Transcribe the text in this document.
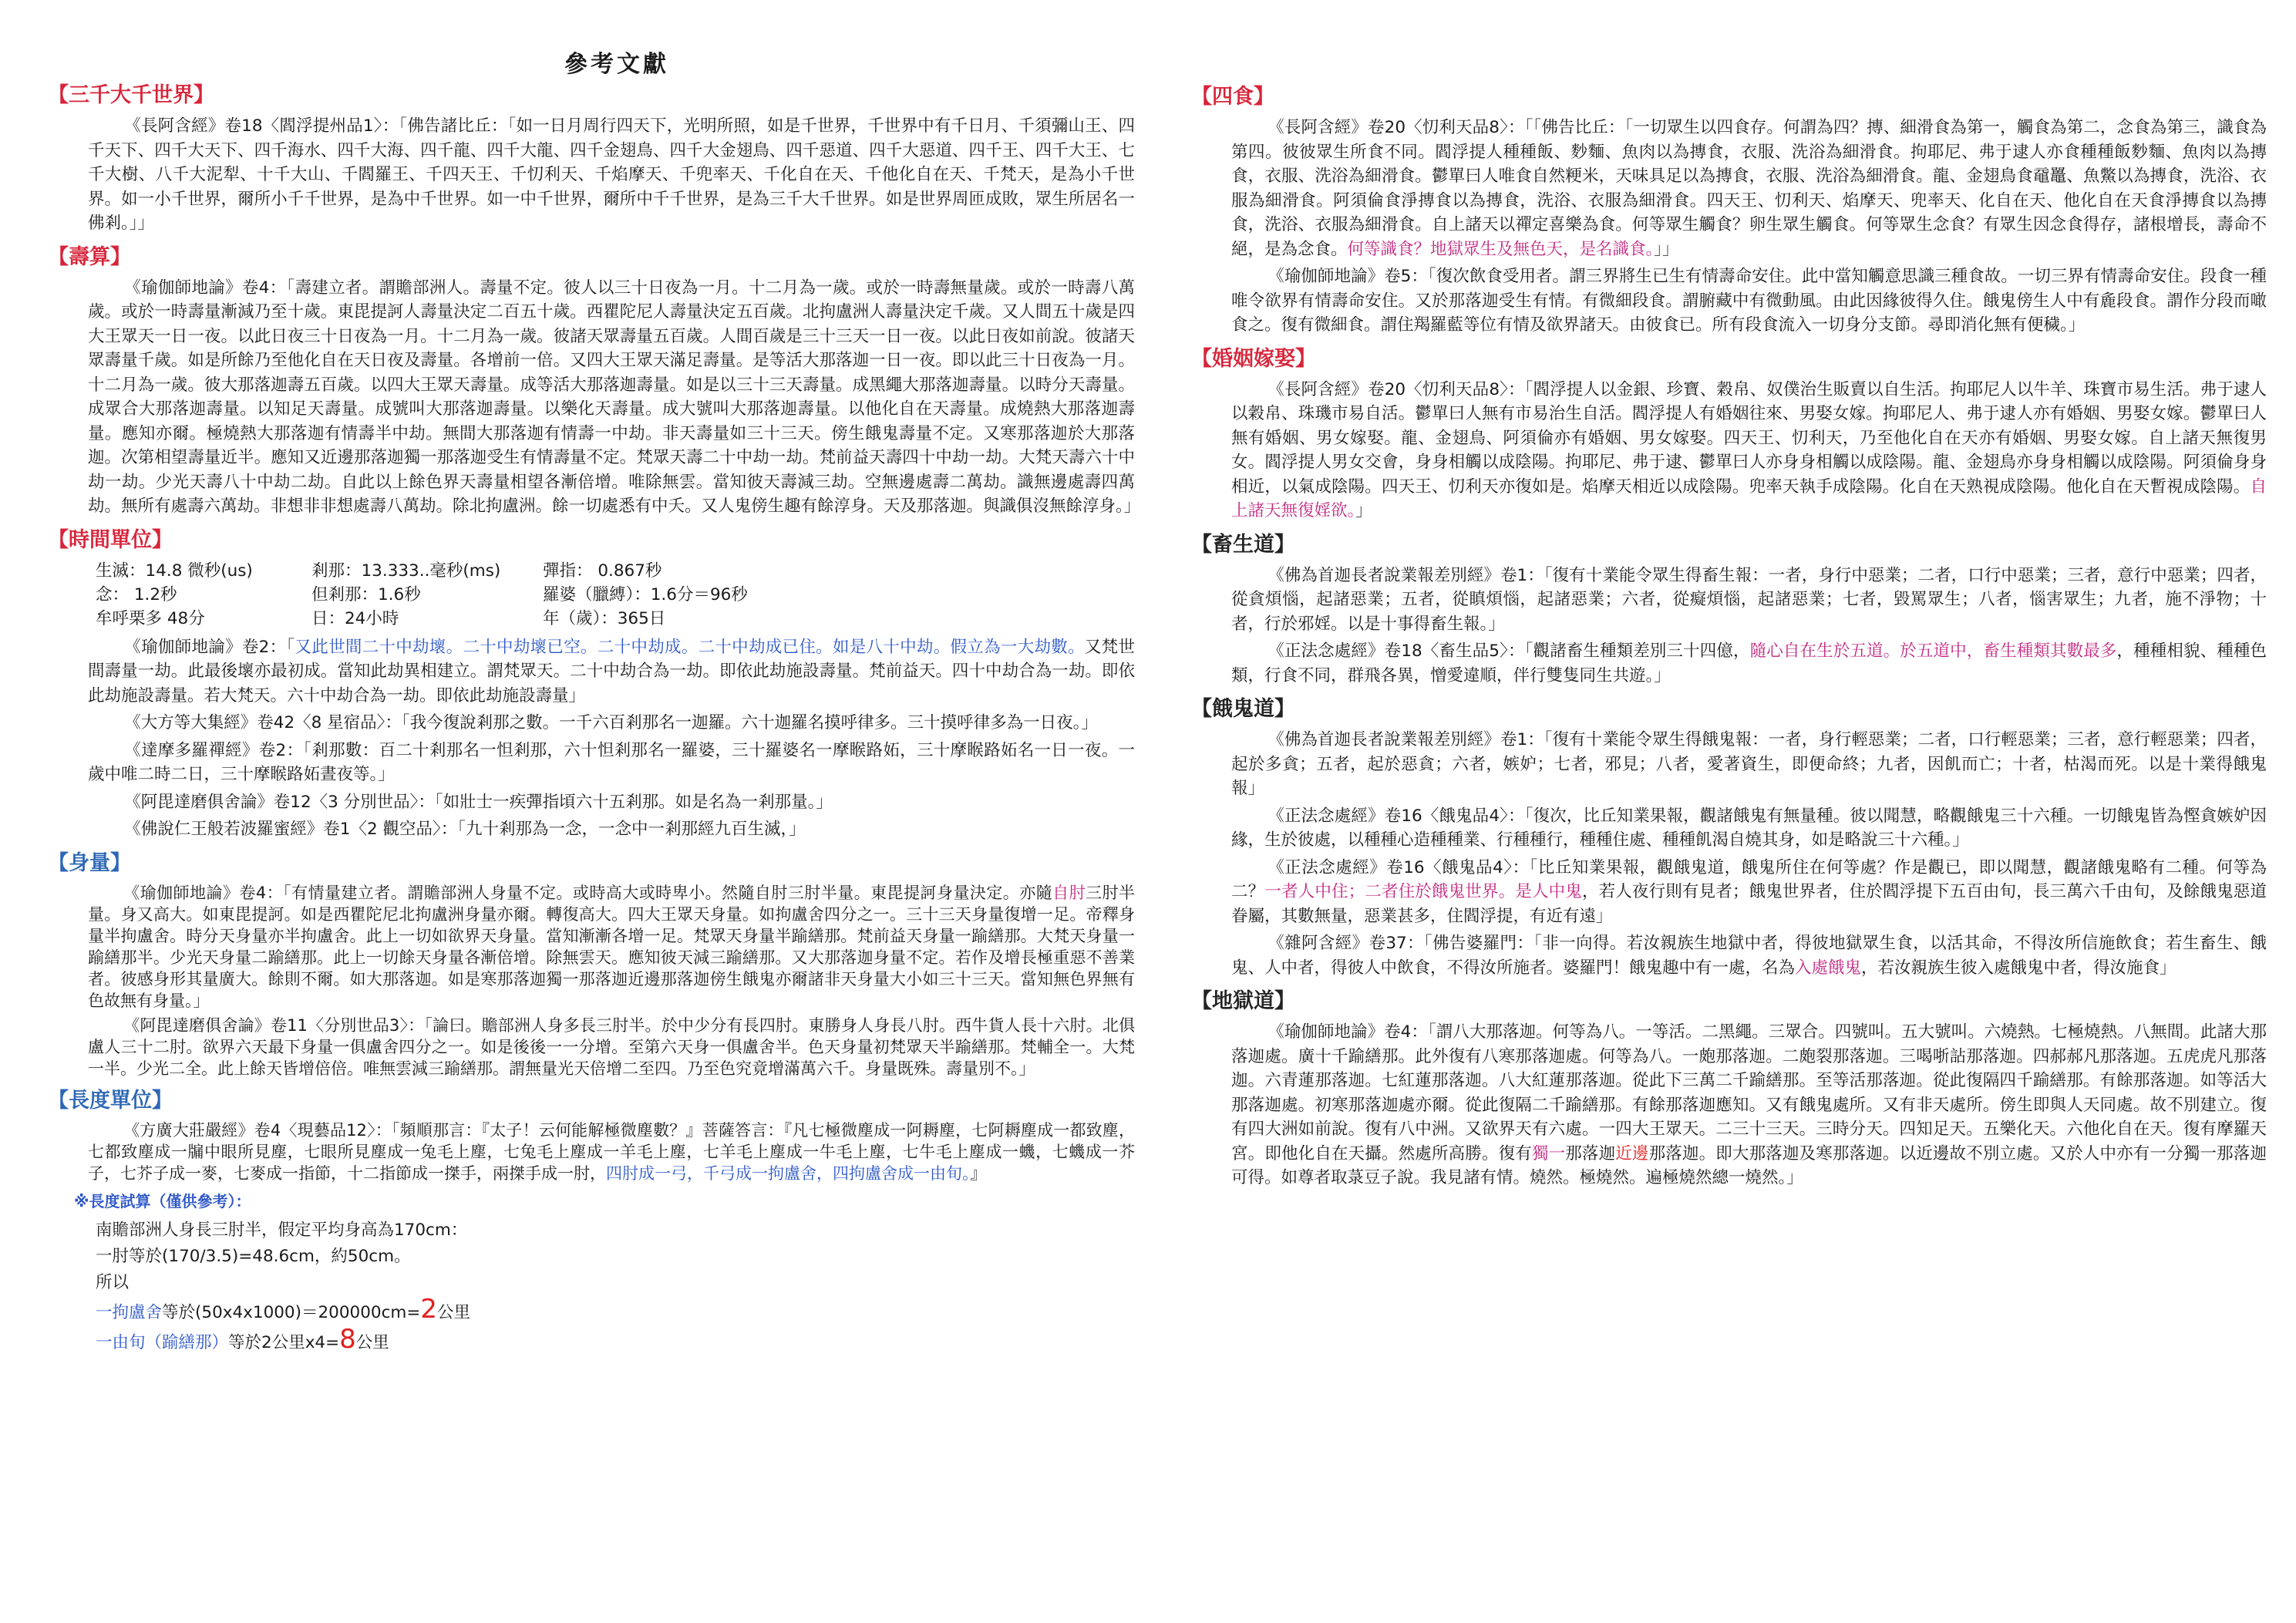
參考文獻
【三千大千世界】

《長阿含經》卷18〈閻浮提州品1〉：「佛告諸比丘：「如一日月周行四天下，光明所照，如是千世界，千世界中有千日月、千須彌山王、四千天下、四千大天下、四千海水、四千大海、四千龍、四千大龍、四千金翅鳥、四千大金翅鳥、四千惡道、四千大惡道、四千王、四千大王、七千大樹、八千大泥犁、十千大山、千閻羅王、千四天王、千忉利天、千焰摩天、千兜率天、千化自在天、千他化自在天、千梵天，是為小千世界。如一小千世界，爾所小千千世界，是為中千世界。如一中千世界，爾所中千千世界，是為三千大千世界。如是世界周匝成敗，眾生所居名一佛剎。」」

【壽算】

《瑜伽師地論》卷4：「壽建立者。謂贍部洲人。壽量不定。彼人以三十日夜為一月。十二月為一歲。或於一時壽無量歲。或於一時壽八萬歲。或於一時壽量漸減乃至十歲。東毘提訶人壽量決定二百五十歲。西瞿陀尼人壽量決定五百歲。北拘盧洲人壽量決定千歲。又人間五十歲是四大王眾天一日一夜。以此日夜三十日夜為一月。十二月為一歲。彼諸天眾壽量五百歲。人間百歲是三十三天一日一夜。以此日夜如前說。彼諸天眾壽量千歲。如是所餘乃至他化自在天日夜及壽量。各增前一倍。又四大王眾天滿足壽量。是等活大那落迦一日一夜。即以此三十日夜為一月。十二月為一歲。彼大那落迦壽五百歲。以四大王眾天壽量。成等活大那落迦壽量。如是以三十三天壽量。成黑繩大那落迦壽量。以時分天壽量。成眾合大那落迦壽量。以知足天壽量。成號叫大那落迦壽量。以樂化天壽量。成大號叫大那落迦壽量。以他化自在天壽量。成燒熱大那落迦壽量。應知亦爾。極燒熱大那落迦有情壽半中劫。無間大那落迦有情壽一中劫。非天壽量如三十三天。傍生餓鬼壽量不定。又寒那落迦於大那落迦。次第相望壽量近半。應知又近邊那落迦獨一那落迦受生有情壽量不定。梵眾天壽二十中劫一劫。梵前益天壽四十中劫一劫。大梵天壽六十中劫一劫。少光天壽八十中劫二劫。自此以上餘色界天壽量相望各漸倍增。唯除無雲。當知彼天壽減三劫。空無邊處壽二萬劫。識無邊處壽四萬劫。無所有處壽六萬劫。非想非非想處壽八萬劫。除北拘盧洲。餘一切處悉有中夭。又人鬼傍生趣有餘淳身。天及那落迦。與識俱沒無餘淳身。」

【時間單位】
生滅：14.8 微秒(us)	剎那：13.333..毫秒(ms)	彈指： 0.867秒
念： 1.2秒	但剎那：1.6秒	羅婆（臘縛）：1.6分＝96秒
牟呼栗多 48分	日：24小時	年（歲）：365日

《瑜伽師地論》卷2：「又此世間二十中劫壞。二十中劫壞已空。二十中劫成。二十中劫成已住。如是八十中劫。假立為一大劫數。又梵世間壽量一劫。此最後壞亦最初成。當知此劫異相建立。謂梵眾天。二十中劫合為一劫。即依此劫施設壽量。梵前益天。四十中劫合為一劫。即依此劫施設壽量。若大梵天。六十中劫合為一劫。即依此劫施設壽量」

《大方等大集經》卷42〈8 星宿品〉：「我今復說剎那之數。一千六百剎那名一迦羅。六十迦羅名摸呼律多。三十摸呼律多為一日夜。」

《達摩多羅禪經》卷2：「剎那數：百二十剎那名一怛剎那，六十怛剎那名一羅婆，三十羅婆名一摩睺路妬，三十摩睺路妬名一日一夜。一歲中唯二時二日，三十摩睺路妬晝夜等。」

《阿毘達磨俱舍論》卷12〈3 分別世品〉：「如壯士一疾彈指頃六十五剎那。如是名為一剎那量。」

《佛說仁王般若波羅蜜經》卷1〈2 觀空品〉：「九十剎那為一念，一念中一剎那經九百生滅，」

【身量】

《瑜伽師地論》卷4：「有情量建立者。謂贍部洲人身量不定。或時高大或時卑小。然隨自肘三肘半量。東毘提訶身量決定。亦隨自肘三肘半量。身又高大。如東毘提訶。如是西瞿陀尼北拘盧洲身量亦爾。轉復高大。四大王眾天身量。如拘盧舍四分之一。三十三天身量復增一足。帝釋身量半拘盧舍。時分天身量亦半拘盧舍。此上一切如欲界天身量。當知漸漸各增一足。梵眾天身量半踰繕那。梵前益天身量一踰繕那。大梵天身量一踰繕那半。少光天身量二踰繕那。此上一切餘天身量各漸倍增。除無雲天。應知彼天減三踰繕那。又大那落迦身量不定。若作及增長極重惡不善業者。彼感身形其量廣大。餘則不爾。如大那落迦。如是寒那落迦獨一那落迦近邊那落迦傍生餓鬼亦爾諸非天身量大小如三十三天。當知無色界無有色故無有身量。」

《阿毘達磨俱舍論》卷11〈分別世品3〉：「論曰。贍部洲人身多長三肘半。於中少分有長四肘。東勝身人身長八肘。西牛貨人長十六肘。北俱盧人三十二肘。欲界六天最下身量一俱盧舍四分之一。如是後後一一分增。至第六天身一俱盧舍半。色天身量初梵眾天半踰繕那。梵輔全一。大梵一半。少光二全。此上餘天皆增倍倍。唯無雲減三踰繕那。謂無量光天倍增二至四。乃至色究竟增滿萬六千。身量既殊。壽量別不。」

【長度單位】

《方廣大莊嚴經》卷4〈現藝品12〉：「頻順那言：『太子！云何能解極微塵數？』菩薩答言：『凡七極微塵成一阿耨塵，七阿耨塵成一都致塵，七都致塵成一牖中眼所見塵，七眼所見塵成一兔毛上塵，七兔毛上塵成一羊毛上塵，七羊毛上塵成一牛毛上塵，七牛毛上塵成一蟣，七蟣成一芥子，七芥子成一麥，七麥成一指節，十二指節成一搩手，兩搩手成一肘，四肘成一弓，千弓成一拘盧舍，四拘盧舍成一由旬。』

※長度試算（僅供參考）：
南贍部洲人身長三肘半，假定平均身高為170cm：
一肘等於(170/3.5)=48.6cm，約50cm。
所以
一拘盧舍等於(50x4x1000)＝200000cm=2公里
一由旬（踰繕那）等於2公里x4=8公里
【四食】

《長阿含經》卷20〈忉利天品8〉：「「佛告比丘：「一切眾生以四食存。何謂為四？摶、細滑食為第一，觸食為第二，念食為第三，識食為第四。彼彼眾生所食不同。閻浮提人種種飯、麨麵、魚肉以為摶食，衣服、洗浴為細滑食。拘耶尼、弗于逮人亦食種種飯麨麵、魚肉以為摶食，衣服、洗浴為細滑食。鬱單曰人唯食自然粳米，天味具足以為摶食，衣服、洗浴為細滑食。龍、金翅鳥食黿鼉、魚鱉以為摶食，洗浴、衣服為細滑食。阿須倫食淨摶食以為摶食，洗浴、衣服為細滑食。四天王、忉利天、焰摩天、兜率天、化自在天、他化自在天食淨摶食以為摶食，洗浴、衣服為細滑食。自上諸天以禪定喜樂為食。何等眾生觸食？卵生眾生觸食。何等眾生念食？有眾生因念食得存，諸根增長，壽命不絕，是為念食。何等識食？地獄眾生及無色天，是名識食。」」

《瑜伽師地論》卷5：「復次飲食受用者。謂三界將生已生有情壽命安住。此中當知觸意思識三種食故。一切三界有情壽命安住。段食一種唯令欲界有情壽命安住。又於那落迦受生有情。有微細段食。謂腑藏中有微動風。由此因緣彼得久住。餓鬼傍生人中有麁段食。謂作分段而噉食之。復有微細食。謂住羯羅藍等位有情及欲界諸天。由彼食已。所有段食流入一切身分支節。尋即消化無有便穢。」

【婚姻嫁娶】

《長阿含經》卷20〈忉利天品8〉：「閻浮提人以金銀、珍寶、穀帛、奴僕治生販賣以自生活。拘耶尼人以牛羊、珠寶市易生活。弗于逮人以穀帛、珠璣市易自活。鬱單曰人無有市易治生自活。閻浮提人有婚姻往來、男娶女嫁。拘耶尼人、弗于逮人亦有婚姻、男娶女嫁。鬱單曰人無有婚姻、男女嫁娶。龍、金翅鳥、阿須倫亦有婚姻、男女嫁娶。四天王、忉利天，乃至他化自在天亦有婚姻、男娶女嫁。自上諸天無復男女。閻浮提人男女交會，身身相觸以成陰陽。拘耶尼、弗于逮、鬱單曰人亦身身相觸以成陰陽。龍、金翅鳥亦身身相觸以成陰陽。阿須倫身身相近，以氣成陰陽。四天王、忉利天亦復如是。焰摩天相近以成陰陽。兜率天執手成陰陽。化自在天熟視成陰陽。他化自在天暫視成陰陽。自上諸天無復婬欲。」

【畜生道】

《佛為首迦長者說業報差別經》卷1：「復有十業能令眾生得畜生報：一者，身行中惡業；二者，口行中惡業；三者，意行中惡業；四者，從貪煩惱，起諸惡業；五者，從瞋煩惱，起諸惡業；六者，從癡煩惱，起諸惡業；七者，毀罵眾生；八者，惱害眾生；九者，施不淨物；十者，行於邪婬。以是十事得畜生報。」

《正法念處經》卷18〈畜生品5〉：「觀諸畜生種類差別三十四億，隨心自在生於五道。於五道中，畜生種類其數最多，種種相貌、種種色類，行食不同，群飛各異，憎愛違順，伴行雙隻同生共遊。」

【餓鬼道】

《佛為首迦長者說業報差別經》卷1：「復有十業能令眾生得餓鬼報：一者，身行輕惡業；二者，口行輕惡業；三者，意行輕惡業；四者，起於多貪；五者，起於惡貪；六者，嫉妒；七者，邪見；八者，愛著資生，即便命終；九者，因飢而亡；十者，枯渴而死。以是十業得餓鬼報」

《正法念處經》卷16〈餓鬼品4〉：「復次，比丘知業果報，觀諸餓鬼有無量種。彼以聞慧，略觀餓鬼三十六種。一切餓鬼皆為慳貪嫉妒因緣，生於彼處，以種種心造種種業、行種種行，種種住處、種種飢渴自燒其身，如是略說三十六種。」

《正法念處經》卷16〈餓鬼品4〉：「比丘知業果報，觀餓鬼道，餓鬼所住在何等處？作是觀已，即以聞慧，觀諸餓鬼略有二種。何等為二？一者人中住；二者住於餓鬼世界。是人中鬼，若人夜行則有見者；餓鬼世界者，住於閻浮提下五百由旬，長三萬六千由旬，及餘餓鬼惡道眷屬，其數無量，惡業甚多，住閻浮提，有近有遠」

《雜阿含經》卷37：「佛告婆羅門：「非一向得。若汝親族生地獄中者，得彼地獄眾生食，以活其命，不得汝所信施飲食；若生畜生、餓鬼、人中者，得彼人中飲食，不得汝所施者。婆羅門！餓鬼趣中有一處，名為入處餓鬼，若汝親族生彼入處餓鬼中者，得汝施食」

【地獄道】

《瑜伽師地論》卷4：「謂八大那落迦。何等為八。一等活。二黑繩。三眾合。四號叫。五大號叫。六燒熱。七極燒熱。八無間。此諸大那落迦處。廣十千踰繕那。此外復有八寒那落迦處。何等為八。一皰那落迦。二皰裂那落迦。三喝哳詀那落迦。四郝郝凡那落迦。五虎虎凡那落迦。六青蓮那落迦。七紅蓮那落迦。八大紅蓮那落迦。從此下三萬二千踰繕那。至等活那落迦。從此復隔四千踰繕那。有餘那落迦。如等活大那落迦處。初寒那落迦處亦爾。從此復隔二千踰繕那。有餘那落迦應知。又有餓鬼處所。又有非天處所。傍生即與人天同處。故不別建立。復有四大洲如前說。復有八中洲。又欲界天有六處。一四大王眾天。二三十三天。三時分天。四知足天。五樂化天。六他化自在天。復有摩羅天宮。即他化自在天攝。然處所高勝。復有獨一那落迦近邊那落迦。即大那落迦及寒那落迦。以近邊故不別立處。又於人中亦有一分獨一那落迦可得。如尊者取菉豆子說。我見諸有情。燒然。極燒然。遍極燒然總一燒然。」
